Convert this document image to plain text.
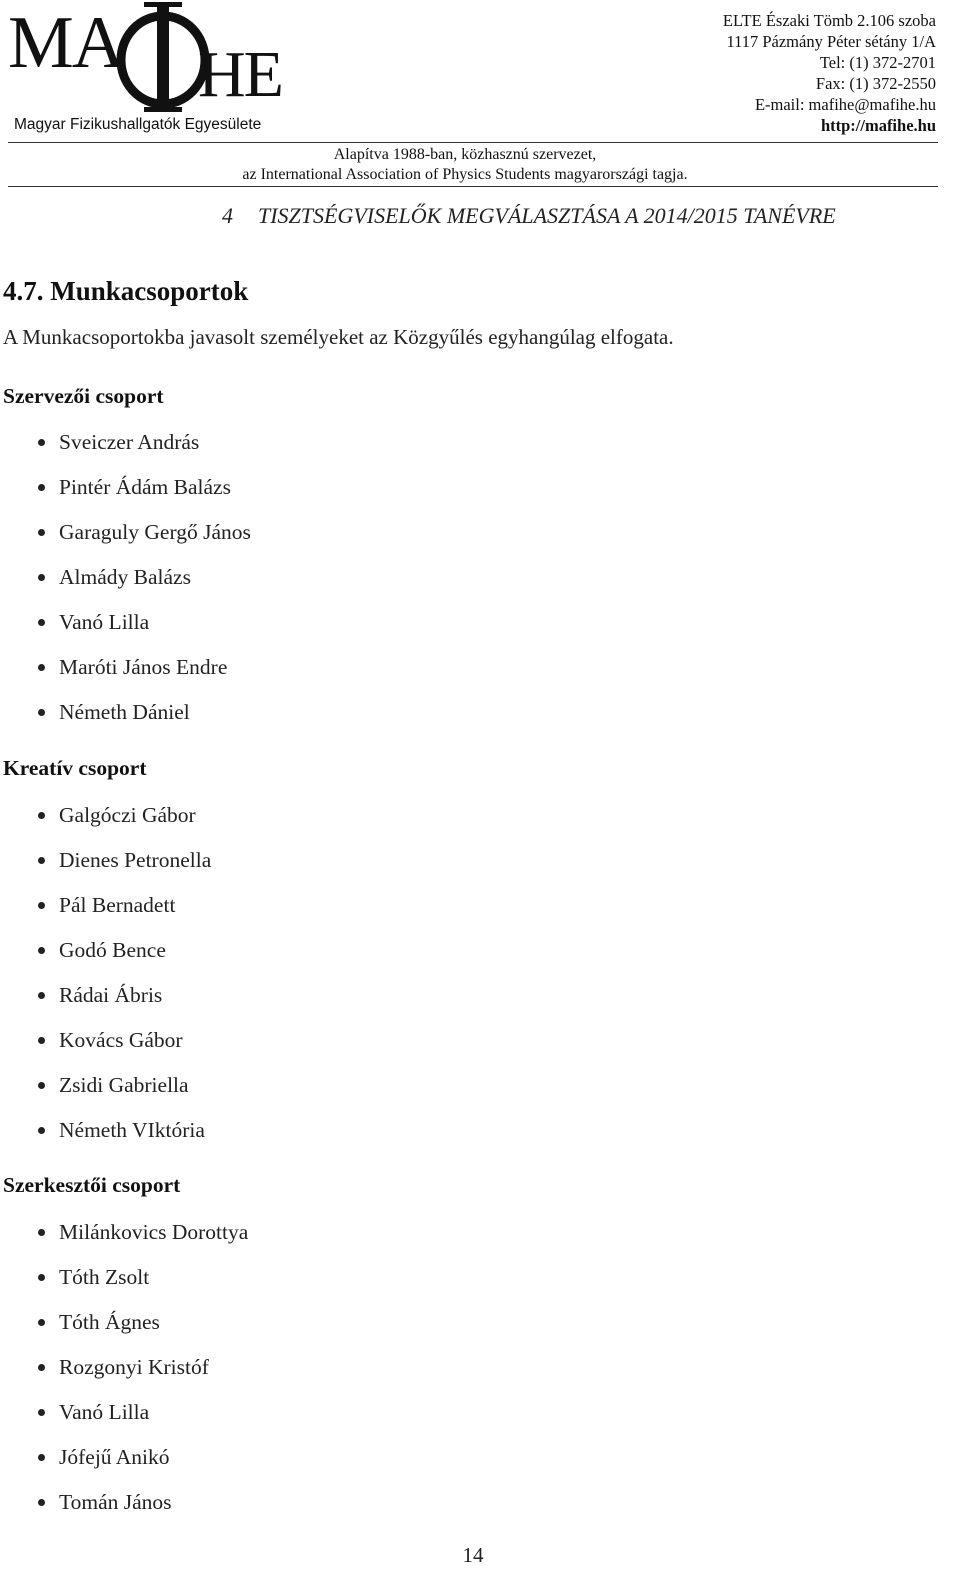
MA HE
Magyar Fizikushallgatók Egyesülete
ELTE Északi Tömb 2.106 szoba
1117 Pázmány Péter sétány 1/A
Tel: (1) 372-2701
Fax: (1) 372-2550
E-mail: mafihe@mafihe.hu
http://mafihe.hu
Alapítva 1988-ban, közhasznú szervezet,
az International Association of Physics Students magyarországi tagja.
4 TISZTSÉGVISELŐK MEGVÁLASZTÁSA A 2014/2015 TANÉVRE
4.7. Munkacsoportok
A Munkacsoportokba javasolt személyeket az Közgyűlés egyhangúlag elfogata.
Szervezői csoport
Sveiczer András
Pintér Ádám Balázs
Garaguly Gergő János
Almády Balázs
Vanó Lilla
Maróti János Endre
Németh Dániel
Kreatív csoport
Galgóczi Gábor
Dienes Petronella
Pál Bernadett
Godó Bence
Rádai Ábris
Kovács Gábor
Zsidi Gabriella
Németh VIktória
Szerkesztői csoport
Milánkovics Dorottya
Tóth Zsolt
Tóth Ágnes
Rozgonyi Kristóf
Vanó Lilla
Jófejű Anikó
Tomán János
14
